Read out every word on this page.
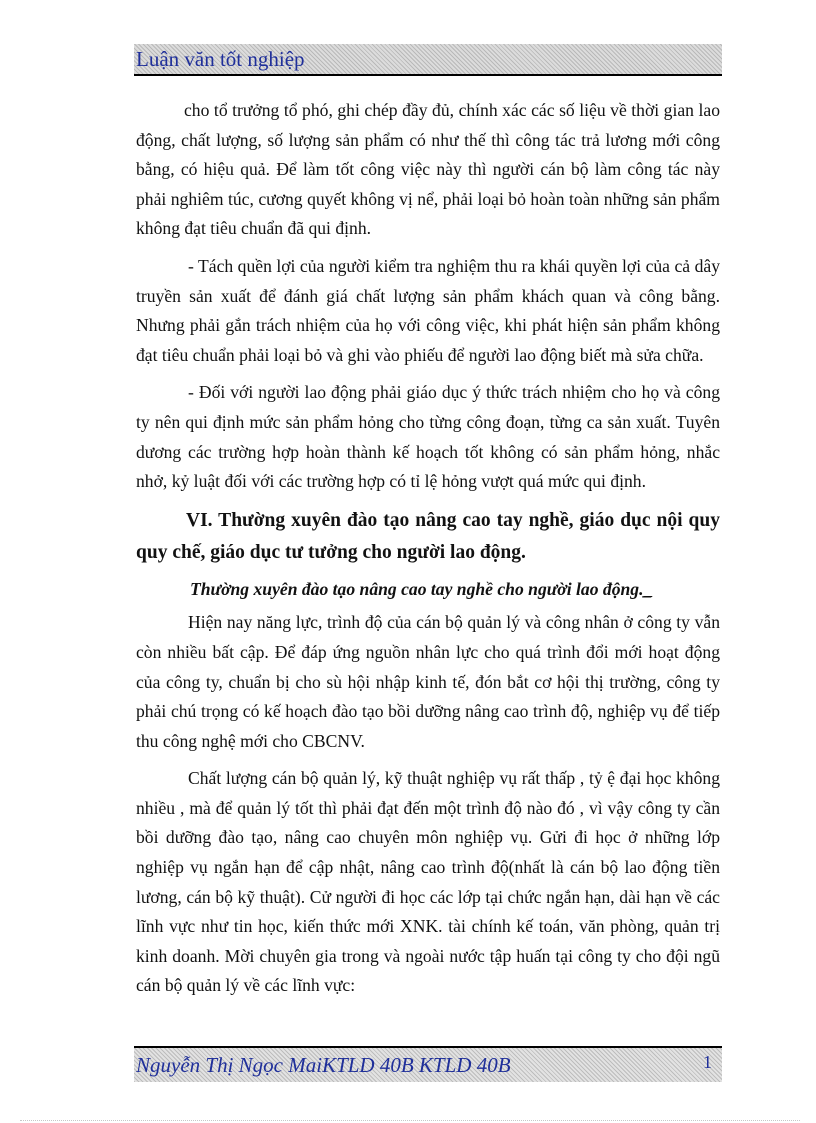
Luận văn tốt nghiệp

cho tổ trưởng tổ phó, ghi chép đầy đủ, chính xác các số liệu về thời gian lao động, chất lượng, số lượng sản phẩm có như thế thì công tác trả lương mới công bằng, có hiệu quả. Để làm tốt công việc này thì người cán bộ làm công tác này phải nghiêm túc, cương quyết không vị nể, phải loại bỏ hoàn toàn những sản phẩm không đạt tiêu chuẩn đã qui định.

- Tách quền lợi của người kiểm tra nghiệm thu ra khái quyền lợi của cả dây truyền sản xuất để đánh giá chất lượng sản phẩm khách quan và công bằng. Nhưng phải gắn trách nhiệm của họ với công việc, khi phát hiện sản phẩm không đạt tiêu chuẩn phải loại bỏ và ghi vào phiếu để người lao động biết mà sửa chữa.

- Đối với người lao động phải giáo dục ý thức trách nhiệm cho họ và công ty nên qui định mức sản phẩm hỏng cho từng công đoạn, từng ca sản xuất. Tuyên dương các trường hợp hoàn thành kế hoạch tốt không có sản phẩm hỏng, nhắc nhở, kỷ luật đối với các trường hợp có tỉ lệ hỏng vượt quá mức qui định.

VI. Thường xuyên đào tạo nâng cao tay nghề, giáo dục nội quy quy chế, giáo dục tư tưởng cho người lao động.

Thường xuyên đào tạo nâng cao tay nghề cho người lao động._

Hiện nay năng lực, trình độ của cán bộ quản lý và công nhân ở công ty vẫn còn nhiều bất cập. Để đáp ứng nguồn nhân lực cho quá trình đổi mới hoạt động của công ty, chuẩn bị cho sù hội nhập kinh tế, đón bắt cơ hội thị trường, công ty phải chú trọng có kế hoạch đào tạo bồi dưỡng nâng cao trình độ, nghiệp vụ để tiếp thu công nghệ mới cho CBCNV.

Chất lượng cán bộ quản lý, kỹ thuật nghiệp vụ rất thấp , tỷ ệ đại học không nhiều , mà để quản lý tốt thì phải đạt đến một trình độ nào đó , vì vậy công ty cần bồi dưỡng đào tạo, nâng cao chuyên môn nghiệp vụ. Gửi đi học ở những lớp nghiệp vụ ngắn hạn để cập nhật, nâng cao trình độ(nhất là cán bộ lao động tiền lương, cán bộ kỹ thuật). Cử người đi học các lớp tại chức ngắn hạn, dài hạn về các lĩnh vực như tin học, kiến thức mới XNK. tài chính kế toán, văn phòng, quản trị kinh doanh. Mời chuyên gia trong và ngoài nước tập huấn tại công ty cho đội ngũ cán bộ quản lý về các lĩnh vực:

Nguyễn Thị Ngọc MaiKTLD 40B KTLD 40B	1
